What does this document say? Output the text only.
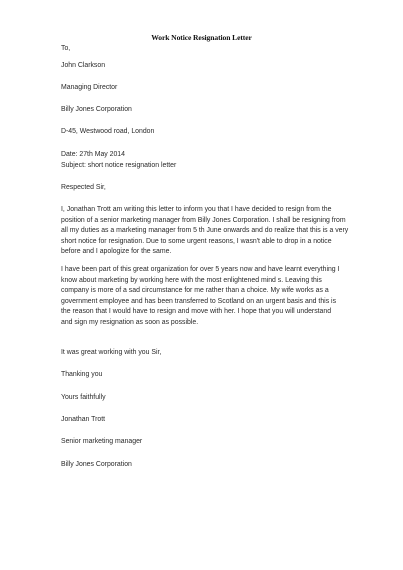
Work Notice Resignation Letter
To,
John Clarkson
Managing Director
Billy Jones Corporation
D-45, Westwood road, London
Date: 27th May 2014
Subject: short notice resignation letter
Respected Sir,
I, Jonathan Trott am writing this letter to inform you that I have decided to resign from the
position of a senior marketing manager from Billy Jones Corporation. I shall be resigning from
all my duties as a marketing manager from 5 th June onwards and do realize that this is a very
short notice for resignation. Due to some urgent reasons, I wasn't able to drop in a notice
before and I apologize for the same.
I have been part of this great organization for over 5 years now and have learnt everything I
know about marketing by working here with the most enlightened mind s. Leaving this
company is more of a sad circumstance for me rather than a choice. My wife works as a
government employee and has been transferred to Scotland on an urgent basis and this is
the reason that I would have to resign and move with her. I hope that you will understand
and sign my resignation as soon as possible.
It was great working with you Sir,
Thanking you
Yours faithfully
Jonathan Trott
Senior marketing manager
Billy Jones Corporation
